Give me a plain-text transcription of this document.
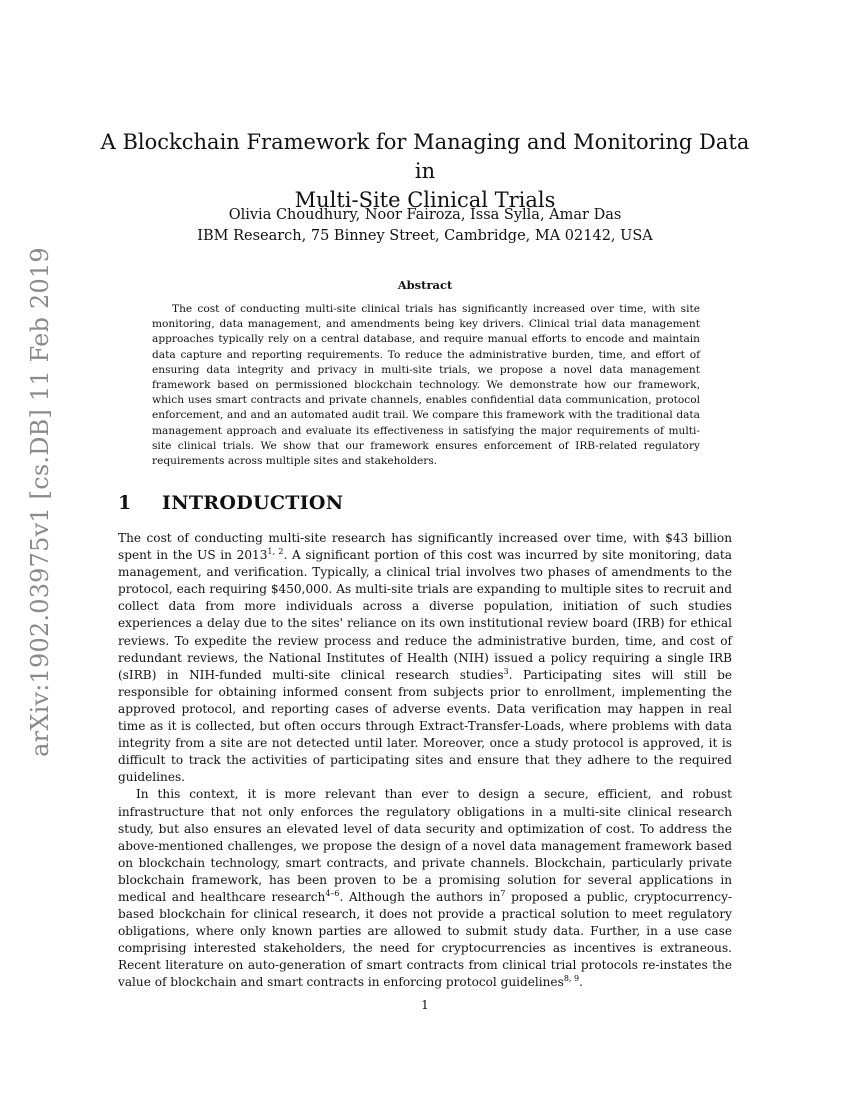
arXiv:1902.03975v1 [cs.DB] 11 Feb 2019
A Blockchain Framework for Managing and Monitoring Data in
Multi-Site Clinical Trials
Olivia Choudhury, Noor Fairoza, Issa Sylla, Amar Das
IBM Research, 75 Binney Street, Cambridge, MA 02142, USA
Abstract

The cost of conducting multi-site clinical trials has significantly increased over time, with site monitoring, data management, and amendments being key drivers. Clinical trial data management approaches typically rely on a central database, and require manual efforts to encode and maintain data capture and reporting requirements. To reduce the administrative burden, time, and effort of ensuring data integrity and privacy in multi-site trials, we propose a novel data management framework based on permissioned blockchain technology. We demonstrate how our framework, which uses smart contracts and private channels, enables confidential data communication, protocol enforcement, and and an automated audit trail. We compare this framework with the traditional data management approach and evaluate its effectiveness in satisfying the major requirements of multi-site clinical trials. We show that our framework ensures enforcement of IRB-related regulatory requirements across multiple sites and stakeholders.

1 INTRODUCTION

The cost of conducting multi-site research has significantly increased over time, with $43 billion spent in the US in 2013$^{1, 2}$. A significant portion of this cost was incurred by site monitoring, data management, and verification. Typically, a clinical trial involves two phases of amendments to the protocol, each requiring $450,000. As multi-site trials are expanding to multiple sites to recruit and collect data from more individuals across a diverse population, initiation of such studies experiences a delay due to the sites' reliance on its own institutional review board (IRB) for ethical reviews. To expedite the review process and reduce the administrative burden, time, and cost of redundant reviews, the National Institutes of Health (NIH) issued a policy requiring a single IRB (sIRB) in NIH-funded multi-site clinical research studies$^3$. Participating sites will still be responsible for obtaining informed consent from subjects prior to enrollment, implementing the approved protocol, and reporting cases of adverse events. Data verification may happen in real time as it is collected, but often occurs through Extract-Transfer-Loads, where problems with data integrity from a site are not detected until later. Moreover, once a study protocol is approved, it is difficult to track the activities of participating sites and ensure that they adhere to the required guidelines.

In this context, it is more relevant than ever to design a secure, efficient, and robust infrastructure that not only enforces the regulatory obligations in a multi-site clinical research study, but also ensures an elevated level of data security and optimization of cost. To address the above-mentioned challenges, we propose the design of a novel data management framework based on blockchain technology, smart contracts, and private channels. Blockchain, particularly private blockchain framework, has been proven to be a promising solution for several applications in medical and healthcare research$^{4-6}$. Although the authors $in^7$ proposed a public, cryptocurrency-based blockchain for clinical research, it does not provide a practical solution to meet regulatory obligations, where only known parties are allowed to submit study data. Further, in a use case comprising interested stakeholders, the need for cryptocurrencies as incentives is extraneous. Recent literature on auto-generation of smart contracts from clinical trial protocols re-instates the value of blockchain and smart contracts in enforcing protocol guidelines$^{8, 9}$.

1
